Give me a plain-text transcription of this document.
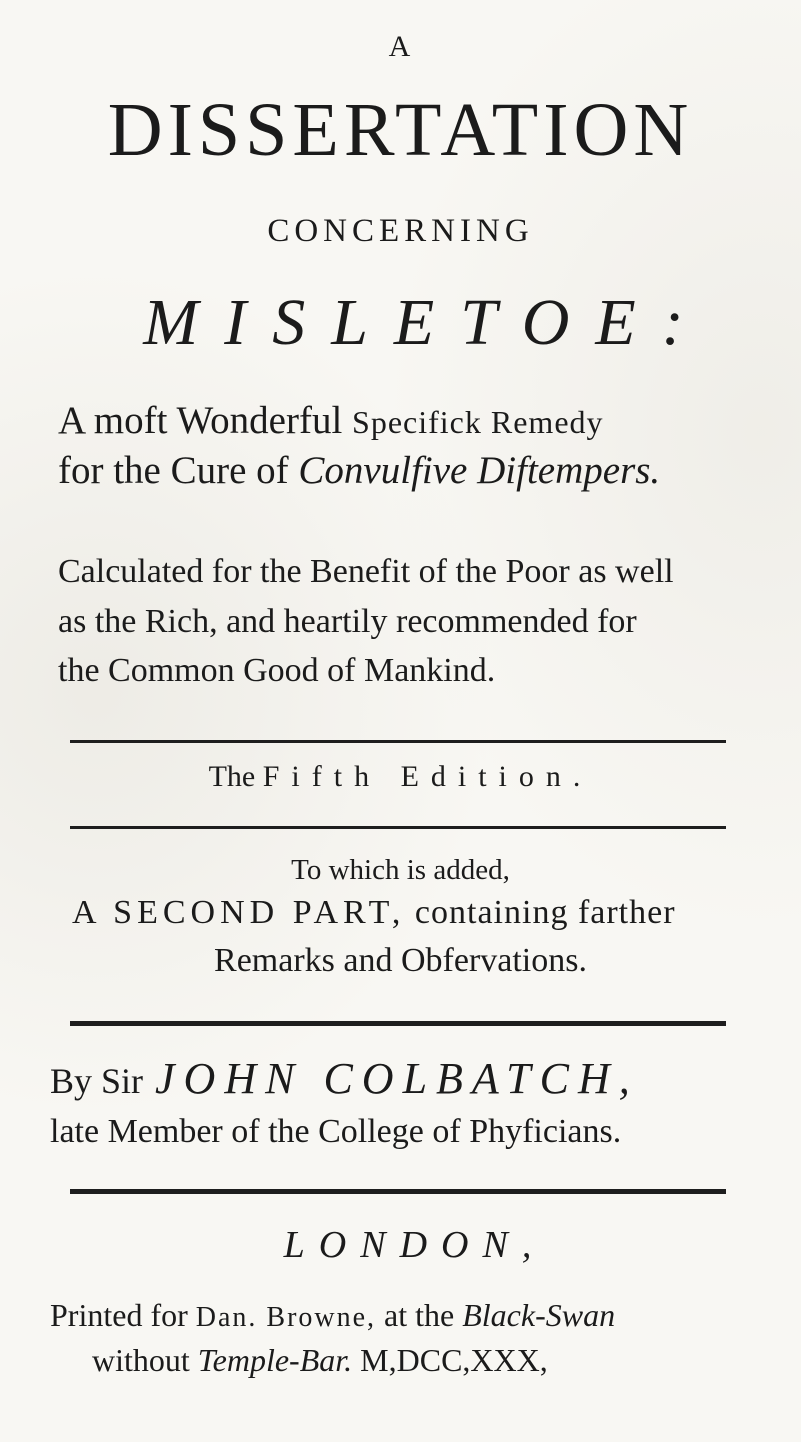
A

DISSERTATION

CONCERNING

MISLETOE:

A moft Wonderful Specifick Remedy

for the Cure of Convulfive Diftempers.

Calculated for the Benefit of the Poor as well

as the Rich, and heartily recommended for

the Common Good of Mankind.

The Fifth Edition.

To which is added,

A SECOND PART, containing farther

Remarks and Obfervations.

By Sir JOHN COLBATCH,

late Member of the College of Phyficians.

LONDON,

Printed for Dan. Browne, at the Black-Swan

without Temple-Bar. M,DCC,XXX,
